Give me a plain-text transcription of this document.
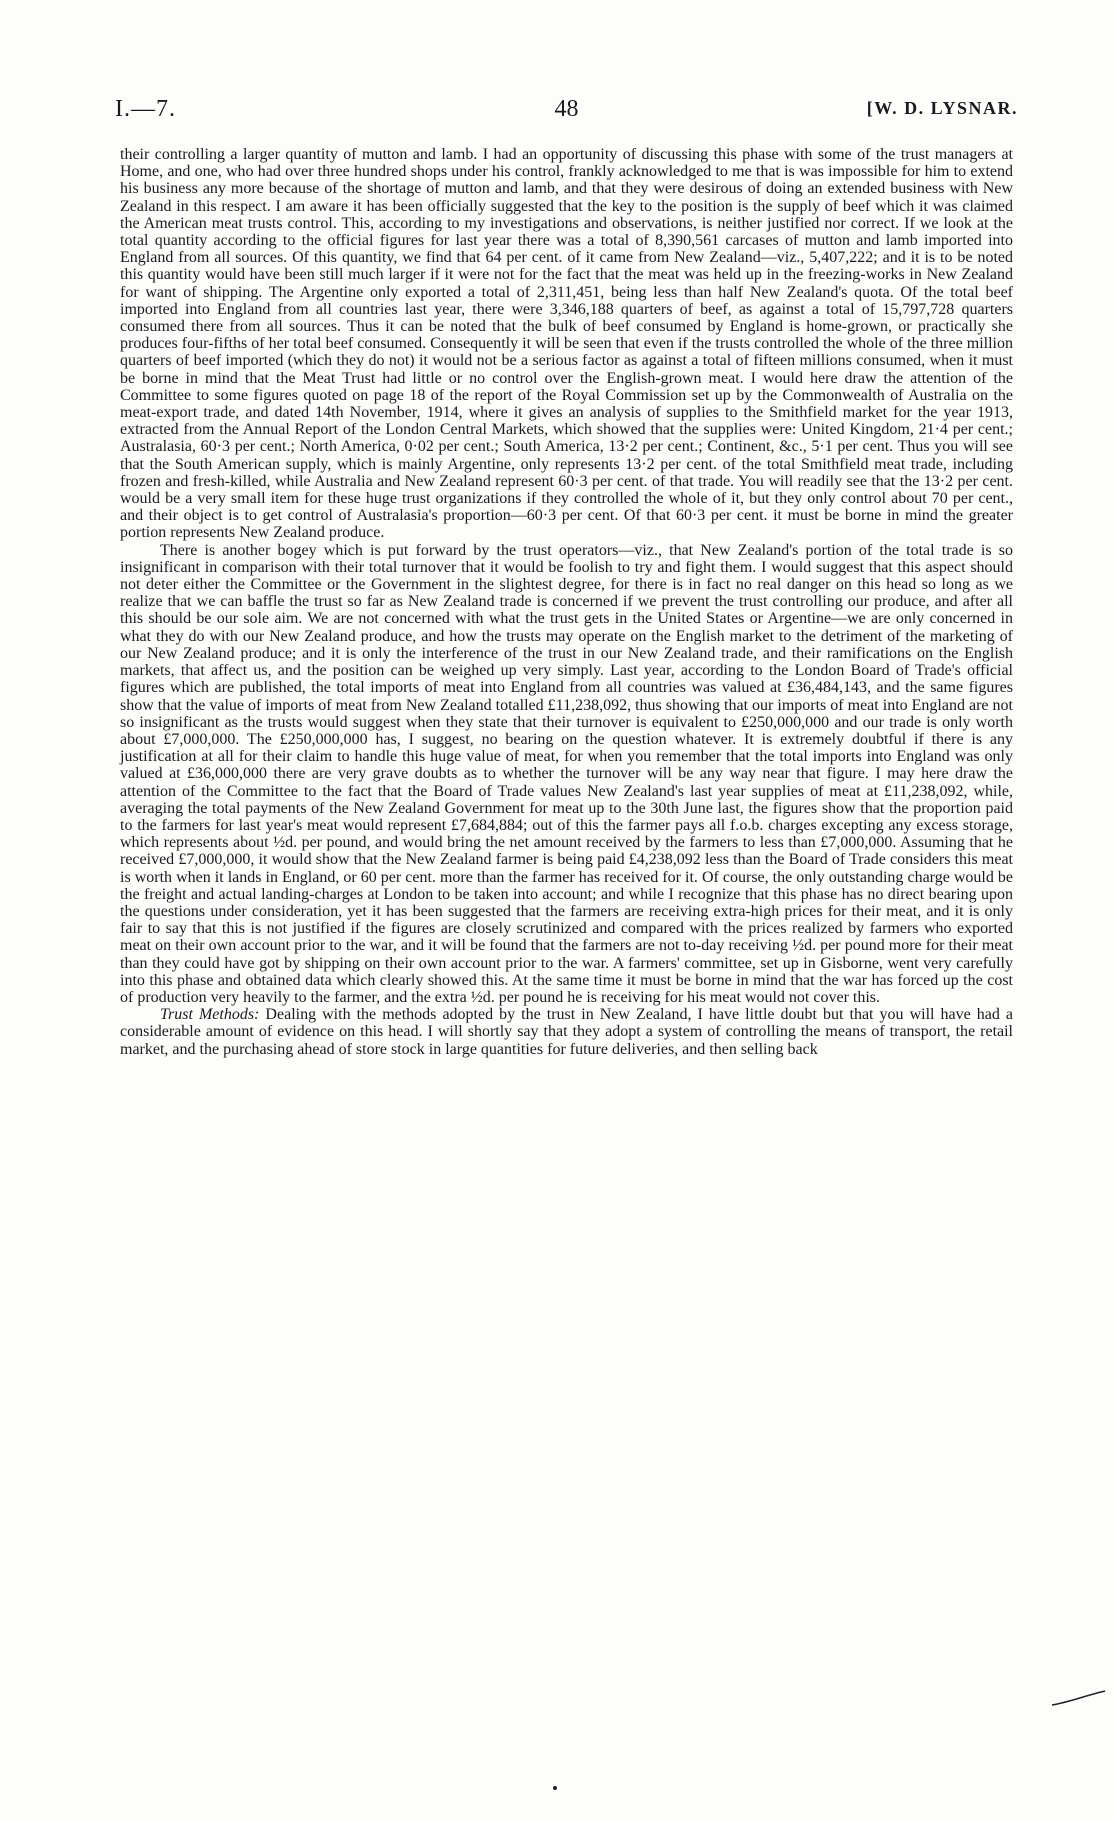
I.—7.	48	[W. D. LYSNAR.

their controlling a larger quantity of mutton and lamb. I had an opportunity of discussing this phase with some of the trust managers at Home, and one, who had over three hundred shops under his control, frankly acknowledged to me that is was impossible for him to extend his business any more because of the shortage of mutton and lamb, and that they were desirous of doing an extended business with New Zealand in this respect. I am aware it has been officially suggested that the key to the position is the supply of beef which it was claimed the American meat trusts control. This, according to my investigations and observations, is neither justified nor correct. If we look at the total quantity according to the official figures for last year there was a total of 8,390,561 carcases of mutton and lamb imported into England from all sources. Of this quantity, we find that 64 per cent. of it came from New Zealand—viz., 5,407,222; and it is to be noted this quantity would have been still much larger if it were not for the fact that the meat was held up in the freezing-works in New Zealand for want of shipping. The Argentine only exported a total of 2,311,451, being less than half New Zealand's quota. Of the total beef imported into England from all countries last year, there were 3,346,188 quarters of beef, as against a total of 15,797,728 quarters consumed there from all sources. Thus it can be noted that the bulk of beef consumed by England is home-grown, or practically she produces four-fifths of her total beef consumed. Consequently it will be seen that even if the trusts controlled the whole of the three million quarters of beef imported (which they do not) it would not be a serious factor as against a total of fifteen millions consumed, when it must be borne in mind that the Meat Trust had little or no control over the English-grown meat. I would here draw the attention of the Committee to some figures quoted on page 18 of the report of the Royal Commission set up by the Commonwealth of Australia on the meat-export trade, and dated 14th November, 1914, where it gives an analysis of supplies to the Smithfield market for the year 1913, extracted from the Annual Report of the London Central Markets, which showed that the supplies were: United Kingdom, 21·4 per cent.; Australasia, 60·3 per cent.; North America, 0·02 per cent.; South America, 13·2 per cent.; Continent, &c., 5·1 per cent. Thus you will see that the South American supply, which is mainly Argentine, only represents 13·2 per cent. of the total Smithfield meat trade, including frozen and fresh-killed, while Australia and New Zealand represent 60·3 per cent. of that trade. You will readily see that the 13·2 per cent. would be a very small item for these huge trust organizations if they controlled the whole of it, but they only control about 70 per cent., and their object is to get control of Australasia's proportion—60·3 per cent. Of that 60·3 per cent. it must be borne in mind the greater portion represents New Zealand produce.

There is another bogey which is put forward by the trust operators—viz., that New Zealand's portion of the total trade is so insignificant in comparison with their total turnover that it would be foolish to try and fight them. I would suggest that this aspect should not deter either the Committee or the Government in the slightest degree, for there is in fact no real danger on this head so long as we realize that we can baffle the trust so far as New Zealand trade is concerned if we prevent the trust controlling our produce, and after all this should be our sole aim. We are not concerned with what the trust gets in the United States or Argentine—we are only concerned in what they do with our New Zealand produce, and how the trusts may operate on the English market to the detriment of the marketing of our New Zealand produce; and it is only the interference of the trust in our New Zealand trade, and their ramifications on the English markets, that affect us, and the position can be weighed up very simply. Last year, according to the London Board of Trade's official figures which are published, the total imports of meat into England from all countries was valued at £36,484,143, and the same figures show that the value of imports of meat from New Zealand totalled £11,238,092, thus showing that our imports of meat into England are not so insignificant as the trusts would suggest when they state that their turnover is equivalent to £250,000,000 and our trade is only worth about £7,000,000. The £250,000,000 has, I suggest, no bearing on the question whatever. It is extremely doubtful if there is any justification at all for their claim to handle this huge value of meat, for when you remember that the total imports into England was only valued at £36,000,000 there are very grave doubts as to whether the turnover will be any way near that figure. I may here draw the attention of the Committee to the fact that the Board of Trade values New Zealand's last year supplies of meat at £11,238,092, while, averaging the total payments of the New Zealand Government for meat up to the 30th June last, the figures show that the proportion paid to the farmers for last year's meat would represent £7,684,884; out of this the farmer pays all f.o.b. charges excepting any excess storage, which represents about ½d. per pound, and would bring the net amount received by the farmers to less than £7,000,000. Assuming that he received £7,000,000, it would show that the New Zealand farmer is being paid £4,238,092 less than the Board of Trade considers this meat is worth when it lands in England, or 60 per cent. more than the farmer has received for it. Of course, the only outstanding charge would be the freight and actual landing-charges at London to be taken into account; and while I recognize that this phase has no direct bearing upon the questions under consideration, yet it has been suggested that the farmers are receiving extra-high prices for their meat, and it is only fair to say that this is not justified if the figures are closely scrutinized and compared with the prices realized by farmers who exported meat on their own account prior to the war, and it will be found that the farmers are not to-day receiving ½d. per pound more for their meat than they could have got by shipping on their own account prior to the war. A farmers' committee, set up in Gisborne, went very carefully into this phase and obtained data which clearly showed this. At the same time it must be borne in mind that the war has forced up the cost of production very heavily to the farmer, and the extra ½d. per pound he is receiving for his meat would not cover this.

Trust Methods: Dealing with the methods adopted by the trust in New Zealand, I have little doubt but that you will have had a considerable amount of evidence on this head. I will shortly say that they adopt a system of controlling the means of transport, the retail market, and the purchasing ahead of store stock in large quantities for future deliveries, and then selling back
